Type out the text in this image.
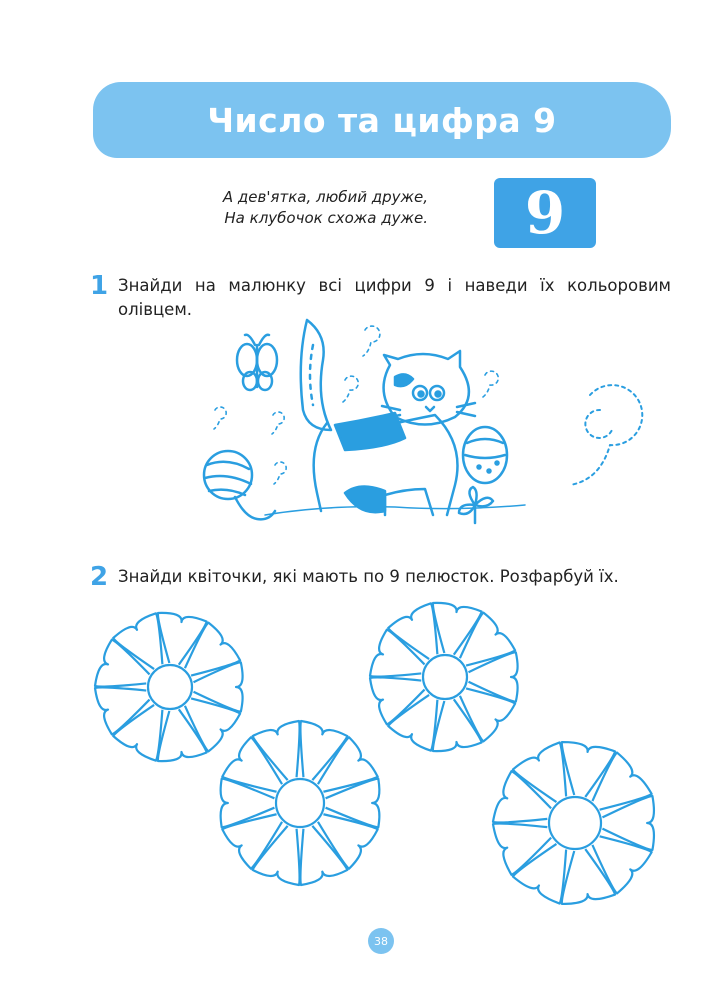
Число та цифра 9
А дев'ятка, любий друже,
На клубочок схожа дуже.	9
1 Знайди на малюнку всі цифри 9 і наведи їх кольоровим
олівцем.
2 Знайди квіточки, які мають по 9 пелюсток. Розфарбуй їх.
38
